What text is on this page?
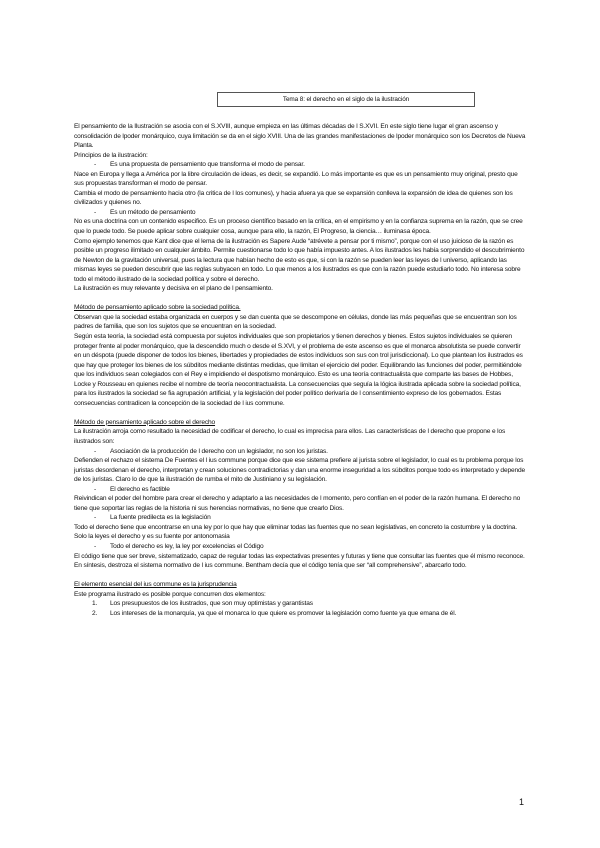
Tema 8: el derecho en el siglo de la ilustración

El pensamiento de la Ilustración se asocia con el S.XVIII, aunque empieza en las últimas décadas de l S.XVII. En este siglo tiene lugar el gran ascenso y consolidación de lpoder monárquico, cuya limitación se da en el siglo XVIII. Una de las grandes manifestaciones de lpoder monárquico son los Decretos de Nueva Planta.

Principios de la ilustración:

- Es una propuesta de pensamiento que transforma el modo de pensar.

Nace en Europa y llega a América por la libre circulación de ideas, es decir, se expandió. Lo más importante es que es un pensamiento muy original, presto que sus propuestas transforman el modo de pensar.

Cambia el modo de pensamiento hacia otro (la critica de l los comunes), y hacia afuera ya que se expansión conlleva la expansión de idea de quienes son los civilizados y quienes no.

- Es un método de pensamiento

No es una doctrina con un contenido especifico. Es un proceso científico basado en la crítica, en el empirismo y en la confianza suprema en la razón, que se cree que lo puede todo. Se puede aplicar sobre cualquier cosa, aunque para ello, la razón, El Progreso, la ciencia… iluminasa época.

Como ejemplo tenemos que Kant dice que el lema de la ilustración es Sapere Aude “atrévete a pensar por ti mismo”, porque con el uso juicioso de la razón es posible un progreso ilimitado en cualquier ámbito. Permite cuestionarse todo lo que había impuesto antes. A los ilustrados les había sorprendido el descubrimiento de Newton de la gravitación universal, pues la lectura que habían hecho de esto es que, si con la razón se pueden leer las leyes de l universo, aplicando las mismas leyes se pueden descubrir que las reglas subyacen en todo. Lo que menos a los ilustrados es que con la razón puede estudiarlo todo. No interesa sobre todo el método ilustrado de la sociedad política y sobre el derecho.

La ilustración es muy relevante y decisiva en el plano de l pensamiento.

Método de pensamiento aplicado sobre la sociedad política.

Observan que la sociedad estaba organizada en cuerpos y se dan cuenta que se descompone en células, donde las más pequeñas que se encuentran son los padres de familia, que son los sujetos que se encuentran en la sociedad.

Según esta teoría, la sociedad está compuesta por sujetos individuales que son propietarios y tienen derechos y bienes. Estos sujetos individuales se quieren proteger frente al poder monárquico, que la descendido much o desde el S.XVI, y el problema de este ascenso es que el monarca absolutista se puede convertir en un déspota (puede disponer de todos los bienes, libertades y propiedades de estos individuos son sus con trol jurisdiccional). Lo que plantean los ilustrados es que hay que proteger los bienes de los súbditos mediante distintas medidas, que limitan el ejercicio del poder. Equilibrando las funciones del poder, permitiéndole que los individuos sean colegiados con el Rey e impidiendo el despotismo monárquico. Esto es una teoría contractualista que comparte las bases de Hobbes, Locke y Rousseau en quienes recibe el nombre de teoría neocontractualista. La consecuencias que seguía la lógica ilustrada aplicada sobre la sociedad política, para los ilustrados la sociedad se fia agrupación artificial, y la legislación del poder político derivaría de l consentimiento expreso de los gobernados. Estas consecuencias contradicen la concepción de la sociedad de l ius commune.

Método de pensamiento aplicado sobre el derecho

La ilustración arroja como resultado la necesidad de codificar el derecho, lo cual es imprecisa para ellos. Las características de l derecho que propone e los ilustrados son:

- Asociación de la producción de l derecho con un legislador, no son los juristas.

Defienden el rechazo el sistema De Fuentes el l ius commune porque dice que ese sistema prefiere al jurista sobre el legislador, lo cual es tu problema porque los juristas desordenan el derecho, interpretan y crean soluciones contradictorias y dan una enorme inseguridad a los súbditos porque todo es interpretado y depende de los juristas. Claro lo de que la ilustración de rumba el mito de Justiniano y su legislación.

- El derecho es factible

Reivindican el poder del hombre para crear el derecho y adaptarlo a las necesidades de l momento, pero confían en el poder de la razón humana. El derecho no tiene que soportar las reglas de la historia ni sus herencias normativas, no tiene que crearlo Dios.

- La fuente predilecta es la legislación

Todo el derecho tiene que encontrarse en una ley por lo que hay que eliminar todas las fuentes que no sean legislativas, en concreto la costumbre y la doctrina. Solo la leyes el derecho y es su fuente por antonomasia

- Todo el derecho es ley, la ley por excelencias el Código

El código tiene que ser breve, sistematizado, capaz de regular todas las expectativas presentes y futuras y tiene que consultar las fuentes que él mismo reconoce. En síntesis, destroza el sistema normativo de l ius commune. Bentham decía que el código tenía que ser “all comprehensive”, abarcarlo todo.

El elemento esencial del ius commune es la jurisprudencia

Este programa ilustrado es posible porque concurren dos elementos:

1. Los presupuestos de los ilustrados, que son muy optimistas y garantistas

2. Los intereses de la monarquía, ya que el monarca lo que quiere es promover la legislación como fuente ya que emana de él.

1
